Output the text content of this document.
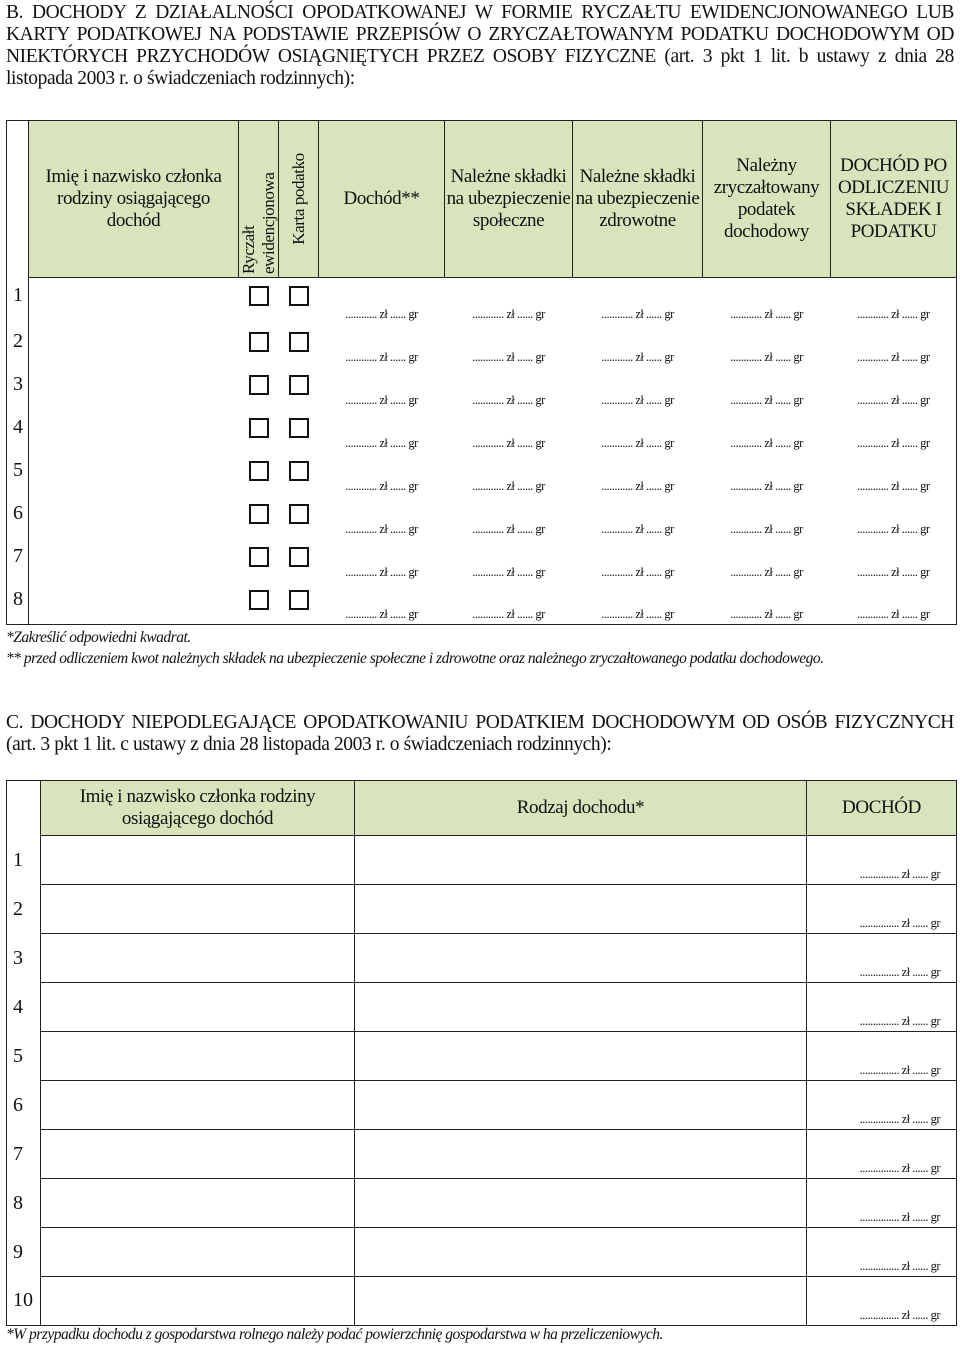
B. DOCHODY Z DZIAŁALNOŚCI OPODATKOWANEJ W FORMIE RYCZAŁTU EWIDENCJONOWANEGO LUB KARTY PODATKOWEJ NA PODSTAWIE PRZEPISÓW O ZRYCZAŁTOWANYM PODATKU DOCHODOWYM OD NIEKTÓRYCH PRZYCHODÓW OSIĄGNIĘTYCH PRZEZ OSOBY FIZYCZNE (art. 3 pkt 1 lit. b ustawy z dnia 28 listopada 2003 r. o świadczeniach rodzinnych):
	Imię i nazwisko członka rodziny osiągającego dochód	Ryczałt ewidencjonowa	Karta podatko	Dochód**	Należne składki na ubezpieczenie społeczne	Należne składki na ubezpieczenie zdrowotne	Należny zryczałtowany podatek dochodowy	DOCHÓD PO ODLICZENIU SKŁADEK I PODATKU
1				............ zł ...... gr	............ zł ...... gr	............ zł ...... gr	............ zł ...... gr	............ zł ...... gr
2				............ zł ...... gr	............ zł ...... gr	............ zł ...... gr	............ zł ...... gr	............ zł ...... gr
3				............ zł ...... gr	............ zł ...... gr	............ zł ...... gr	............ zł ...... gr	............ zł ...... gr
4				............ zł ...... gr	............ zł ...... gr	............ zł ...... gr	............ zł ...... gr	............ zł ...... gr
5				............ zł ...... gr	............ zł ...... gr	............ zł ...... gr	............ zł ...... gr	............ zł ...... gr
6				............ zł ...... gr	............ zł ...... gr	............ zł ...... gr	............ zł ...... gr	............ zł ...... gr
7				............ zł ...... gr	............ zł ...... gr	............ zł ...... gr	............ zł ...... gr	............ zł ...... gr
8				............ zł ...... gr	............ zł ...... gr	............ zł ...... gr	............ zł ...... gr	............ zł ...... gr
*Zakreślić odpowiedni kwadrat.
** przed odliczeniem kwot należnych składek na ubezpieczenie społeczne i zdrowotne oraz należnego zryczałtowanego podatku dochodowego.
C. DOCHODY NIEPODLEGAJĄCE OPODATKOWANIU PODATKIEM DOCHODOWYM OD OSÓB FIZYCZNYCH (art. 3 pkt 1 lit. c ustawy z dnia 28 listopada 2003 r. o świadczeniach rodzinnych):
	Imię i nazwisko członka rodziny osiągającego dochód	Rodzaj dochodu*	DOCHÓD
1			............... zł ...... gr
2			............... zł ...... gr
3			............... zł ...... gr
4			............... zł ...... gr
5			............... zł ...... gr
6			............... zł ...... gr
7			............... zł ...... gr
8			............... zł ...... gr
9			............... zł ...... gr
10			............... zł ...... gr
*W przypadku dochodu z gospodarstwa rolnego należy podać powierzchnię gospodarstwa w ha przeliczeniowych.
